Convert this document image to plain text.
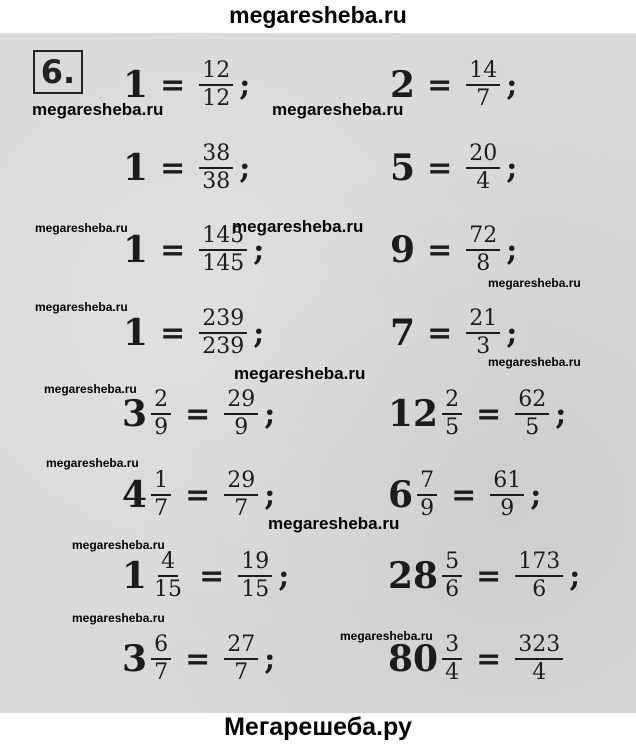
megaresheba.ru
6. $1 = \frac{12}{12}$ ;	$2 = \frac{14}{7}$ ;
$1 = \frac{38}{38}$ ;	$5 = \frac{20}{4}$ ;
$1 = \frac{145}{145}$ ;	$9 = \frac{72}{8}$ ;
$1 = \frac{239}{239}$ ;	$7 = \frac{21}{3}$ ;
$3 \frac{2}{9} = \frac{29}{9}$ ;	$12 \frac{2}{5} = \frac{62}{5}$ ;
$4 \frac{1}{7} = \frac{29}{7}$ ;	$6 \frac{7}{9} = \frac{61}{9}$ ;
$1 \frac{4}{15} = \frac{19}{15}$ ;	$28 \frac{5}{6} = \frac{173}{6}$ ;
$3 \frac{6}{7} = \frac{27}{7}$ ;	$80 \frac{3}{4} = \frac{323}{4}$
megaresheba.ru	megaresheba.ru
megaresheba.ru	megaresheba.ru
megaresheba.ru
megaresheba.ru
megaresheba.ru
megaresheba.ru
megaresheba.ru
megaresheba.ru
megaresheba.ru
megaresheba.ru
megaresheba.ru
megaresheba.ru
Мегарешеба.ру
